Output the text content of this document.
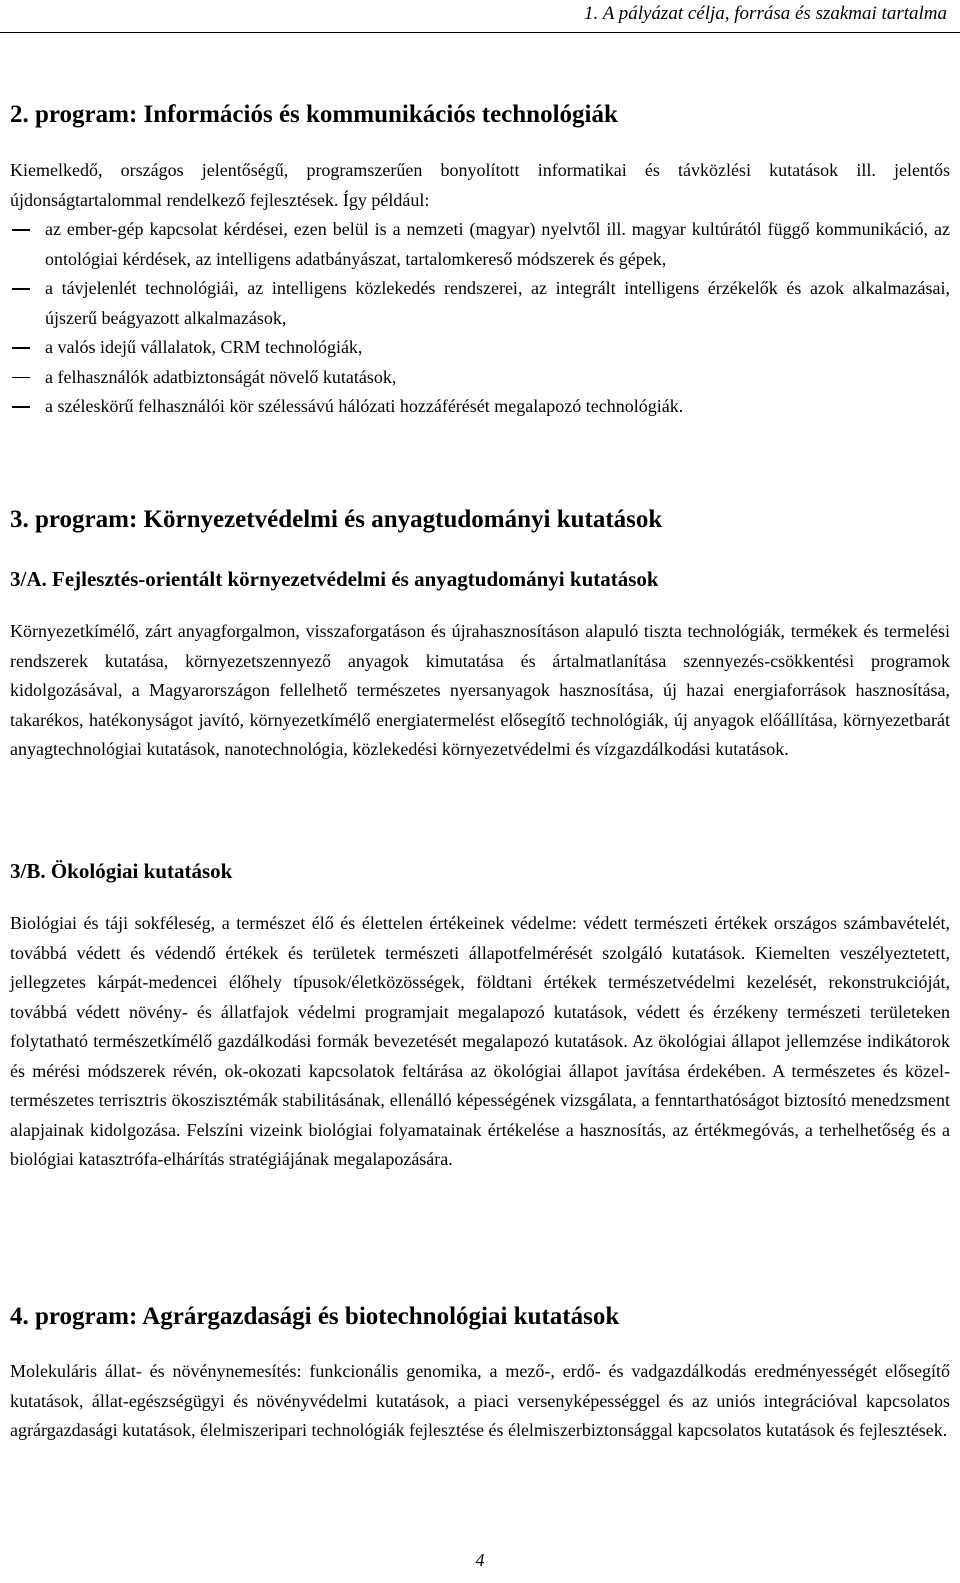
1. A pályázat célja, forrása és szakmai tartalma
2. program: Információs és kommunikációs technológiák
Kiemelkedő, országos jelentőségű, programszerűen bonyolított informatikai és távközlési kutatások ill. jelentős újdonságtartalommal rendelkező fejlesztések. Így például:
az ember-gép kapcsolat kérdései, ezen belül is a nemzeti (magyar) nyelvtől ill. magyar kultúrától függő kommunikáció, az ontológiai kérdések, az intelligens adatbányászat, tartalomkereső módszerek és gépek,
a távjelenlét technológiái, az intelligens közlekedés rendszerei, az integrált intelligens érzékelők és azok alkalmazásai, újszerű beágyazott alkalmazások,
a valós idejű vállalatok, CRM technológiák,
a felhasználók adatbiztonságát növelő kutatások,
a széleskörű felhasználói kör szélessávú hálózati hozzáférését megalapozó technológiák.
3. program: Környezetvédelmi és anyagtudományi kutatások
3/A. Fejlesztés-orientált környezetvédelmi és anyagtudományi kutatások
Környezetkímélő, zárt anyagforgalmon, visszaforgatáson és újrahasznosításon alapuló tiszta technológiák, termékek és termelési rendszerek kutatása, környezetszennyező anyagok kimutatása és ártalmatlanítása szennyezés-csökkentési programok kidolgozásával, a Magyarországon fellelhető természetes nyersanyagok hasznosítása, új hazai energiaforrások hasznosítása, takarékos, hatékonyságot javító, környezetkímélő energiatermelést elősegítő technológiák, új anyagok előállítása, környezetbarát anyagtechnológiai kutatások, nanotechnológia, közlekedési környezetvédelmi és vízgazdálkodási kutatások.
3/B. Ökológiai kutatások
Biológiai és táji sokféleség, a természet élő és élettelen értékeinek védelme: védett természeti értékek országos számbavételét, továbbá védett és védendő értékek és területek természeti állapotfelmérését szolgáló kutatások. Kiemelten veszélyeztetett, jellegzetes kárpát-medencei élőhely típusok/életközösségek, földtani értékek természetvédelmi kezelését, rekonstrukcióját, továbbá védett növény- és állatfajok védelmi programjait megalapozó kutatások, védett és érzékeny természeti területeken folytatható természetkímélő gazdálkodási formák bevezetését megalapozó kutatások. Az ökológiai állapot jellemzése indikátorok és mérési módszerek révén, ok-okozati kapcsolatok feltárása az ökológiai állapot javítása érdekében. A természetes és közel-természetes terrisztris ökoszisztémák stabilitásának, ellenálló képességének vizsgálata, a fenntarthatóságot biztosító menedzsment alapjainak kidolgozása. Felszíni vizeink biológiai folyamatainak értékelése a hasznosítás, az értékmegóvás, a terhelhetőség és a biológiai katasztrófa-elhárítás stratégiájának megalapozására.
4. program: Agrárgazdasági és biotechnológiai kutatások
Molekuláris állat- és növénynemesítés: funkcionális genomika, a mező-, erdő- és vadgazdálkodás eredményességét elősegítő kutatások, állat-egészségügyi és növényvédelmi kutatások, a piaci versenyképességgel és az uniós integrációval kapcsolatos agrárgazdasági kutatások, élelmiszeripari technológiák fejlesztése és élelmiszerbiztonsággal kapcsolatos kutatások és fejlesztések.
4
